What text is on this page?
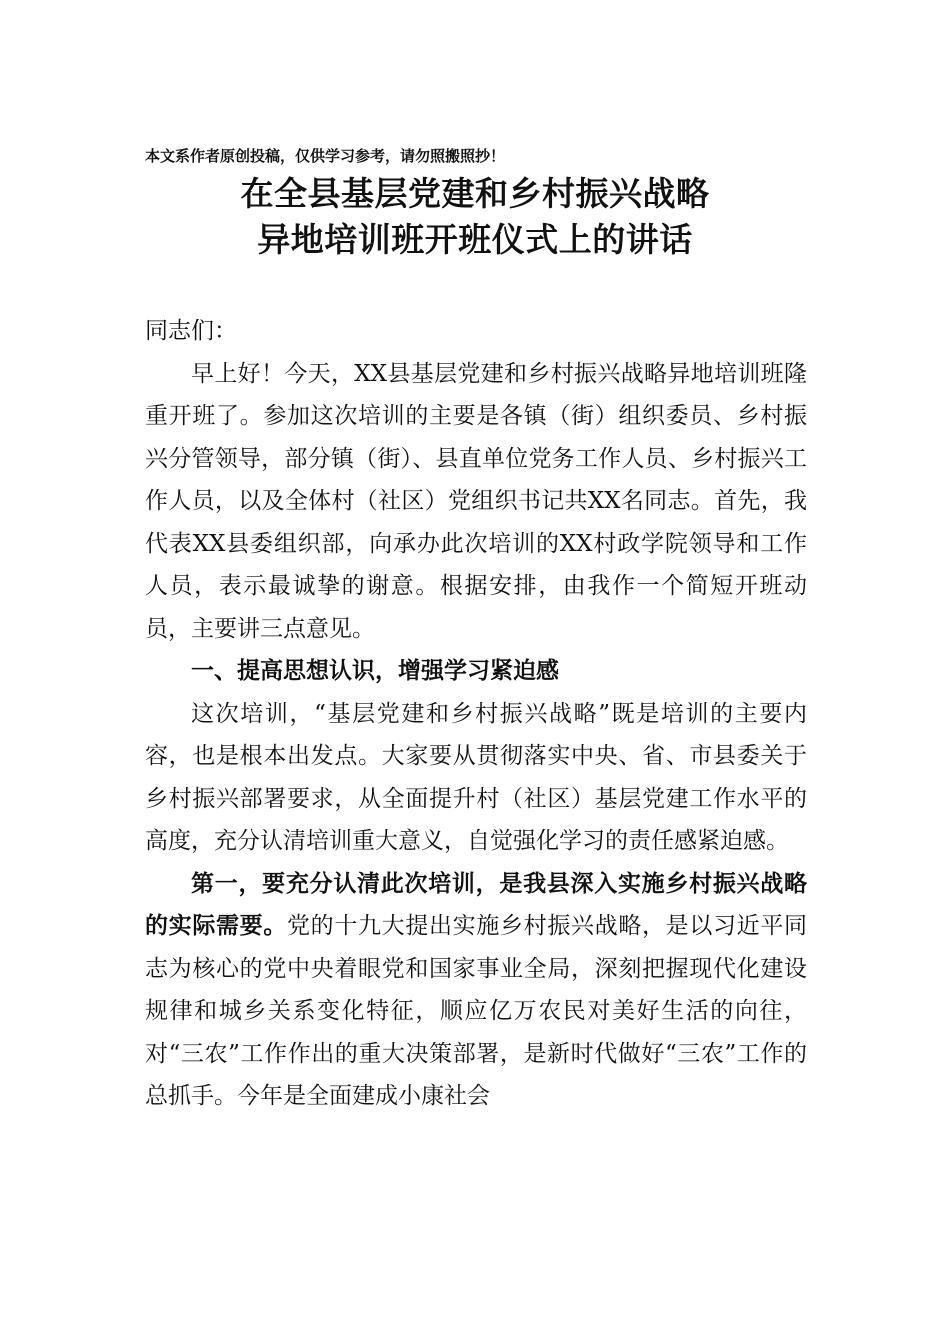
本文系作者原创投稿，仅供学习参考，请勿照搬照抄！
在全县基层党建和乡村振兴战略
异地培训班开班仪式上的讲话

同志们：

早上好！今天，XX县基层党建和乡村振兴战略异地培训班隆重开班了。参加这次培训的主要是各镇（街）组织委员、乡村振兴分管领导，部分镇（街）、县直单位党务工作人员、乡村振兴工作人员，以及全体村（社区）党组织书记共XX名同志。首先，我代表XX县委组织部，向承办此次培训的XX村政学院领导和工作人员，表示最诚挚的谢意。根据安排，由我作一个简短开班动员，主要讲三点意见。

一、提高思想认识，增强学习紧迫感

这次培训，“基层党建和乡村振兴战略”既是培训的主要内容，也是根本出发点。大家要从贯彻落实中央、省、市县委关于乡村振兴部署要求，从全面提升村（社区）基层党建工作水平的高度，充分认清培训重大意义，自觉强化学习的责任感紧迫感。

第一，要充分认清此次培训，是我县深入实施乡村振兴战略的实际需要。党的十九大提出实施乡村振兴战略，是以习近平同志为核心的党中央着眼党和国家事业全局，深刻把握现代化建设规律和城乡关系变化特征，顺应亿万农民对美好生活的向往，对“三农”工作作出的重大决策部署，是新时代做好“三农”工作的总抓手。今年是全面建成小康社会
